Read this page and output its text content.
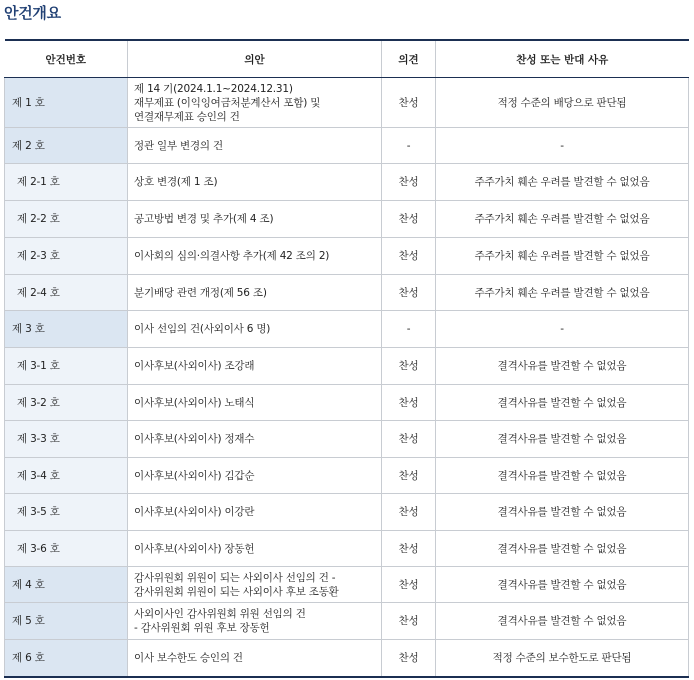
안건개요
안건번호	의안	의견	찬성 또는 반대 사유
제 1 호	제 14 기(2024.1.1~2024.12.31)
재무제표 (이익잉여금처분계산서 포함) 및
연결재무제표 승인의 건	찬성	적정 수준의 배당으로 판단됨
제 2 호	정관 일부 변경의 건	-	-
제 2-1 호	상호 변경(제 1 조)	찬성	주주가치 훼손 우려를 발견할 수 없었음
제 2-2 호	공고방법 변경 및 추가(제 4 조)	찬성	주주가치 훼손 우려를 발견할 수 없었음
제 2-3 호	이사회의 심의·의결사항 추가(제 42 조의 2)	찬성	주주가치 훼손 우려를 발견할 수 없었음
제 2-4 호	분기배당 관련 개정(제 56 조)	찬성	주주가치 훼손 우려를 발견할 수 없었음
제 3 호	이사 선임의 건(사외이사 6 명)	-	-
제 3-1 호	이사후보(사외이사) 조강래	찬성	결격사유를 발견할 수 없었음
제 3-2 호	이사후보(사외이사) 노태식	찬성	결격사유를 발견할 수 없었음
제 3-3 호	이사후보(사외이사) 정재수	찬성	결격사유를 발견할 수 없었음
제 3-4 호	이사후보(사외이사) 김갑순	찬성	결격사유를 발견할 수 없었음
제 3-5 호	이사후보(사외이사) 이강란	찬성	결격사유를 발견할 수 없었음
제 3-6 호	이사후보(사외이사) 장동헌	찬성	결격사유를 발견할 수 없었음
제 4 호	감사위원회 위원이 되는 사외이사 선임의 건 -
감사위원회 위원이 되는 사외이사 후보 조동환	찬성	결격사유를 발견할 수 없었음
제 5 호	사외이사인 감사위원회 위원 선임의 건
- 감사위원회 위원 후보 장동헌	찬성	결격사유를 발견할 수 없었음
제 6 호	이사 보수한도 승인의 건	찬성	적정 수준의 보수한도로 판단됨
